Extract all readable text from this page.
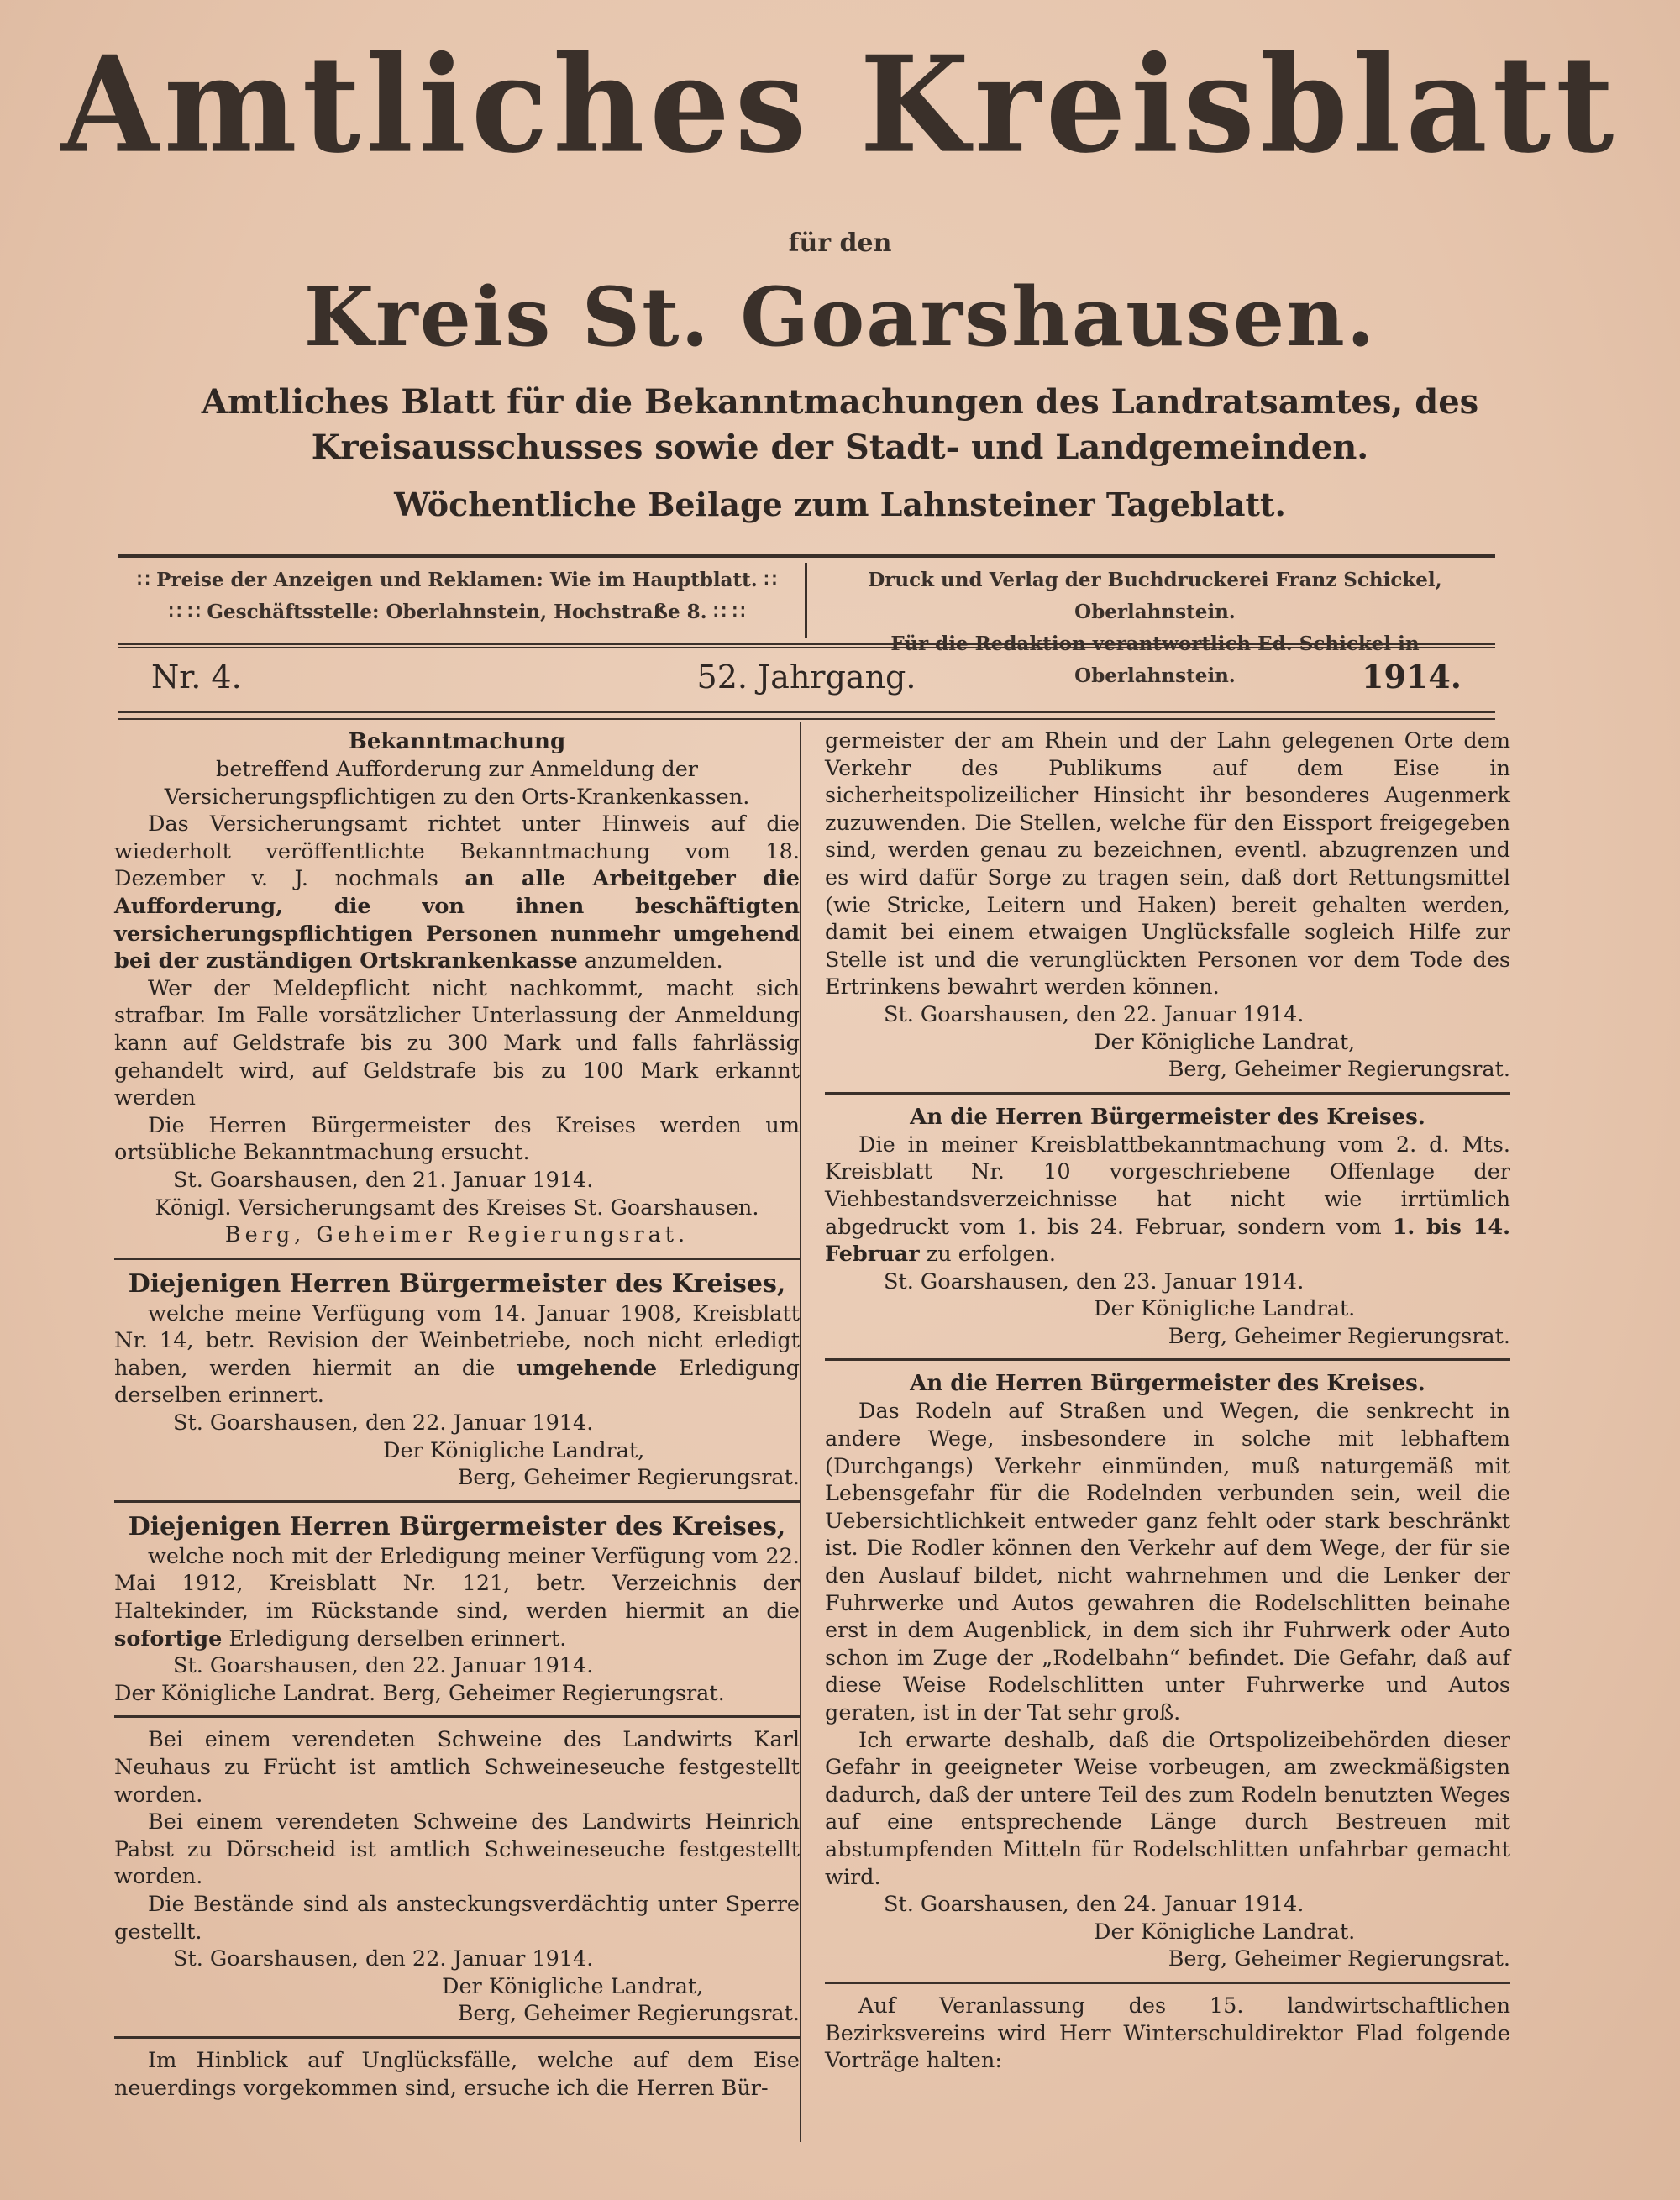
Amtliches Kreisblatt
für den
Kreis St. Goarshausen.
Amtliches Blatt für die Bekanntmachungen des Landratsamtes, des Kreisausschusses sowie der Stadt- und Landgemeinden.
Wöchentliche Beilage zum Lahnsteiner Tageblatt.
∷ Preise der Anzeigen und Reklamen: Wie im Hauptblatt. ∷
∷ ∷ Geschäftsstelle: Oberlahnstein, Hochstraße 8. ∷ ∷
Druck und Verlag der Buchdruckerei Franz Schickel, Oberlahnstein.
Für die Redaktion verantwortlich Ed. Schickel in Oberlahnstein.
52. Jahrgang.
Nr. 4.	1914.

Bekanntmachung

betreffend Aufforderung zur Anmeldung der Versicherungspflichtigen zu den Orts-Krankenkassen.

Das Versicherungsamt richtet unter Hinweis auf die wiederholt veröffentlichte Bekanntmachung vom 18. Dezember v. J. nochmals an alle Arbeitgeber die Aufforderung, die von ihnen beschäftigten versicherungspflichtigen Personen nunmehr umgehend bei der zuständigen Ortskrankenkasse anzumelden.

Wer der Meldepflicht nicht nachkommt, macht sich strafbar. Im Falle vorsätzlicher Unterlassung der Anmeldung kann auf Geldstrafe bis zu 300 Mark und falls fahrlässig gehandelt wird, auf Geldstrafe bis zu 100 Mark erkannt werden

Die Herren Bürgermeister des Kreises werden um ortsübliche Bekanntmachung ersucht.

St. Goarshausen, den 21. Januar 1914.

Königl. Versicherungsamt des Kreises St. Goarshausen.

Berg, Geheimer Regierungsrat.

Diejenigen Herren Bürgermeister des Kreises,

welche meine Verfügung vom 14. Januar 1908, Kreisblatt Nr. 14, betr. Revision der Weinbetriebe, noch nicht erledigt haben, werden hiermit an die umgehende Erledigung derselben erinnert.

St. Goarshausen, den 22. Januar 1914.

Der Königliche Landrat,

Berg, Geheimer Regierungsrat.

Diejenigen Herren Bürgermeister des Kreises,

welche noch mit der Erledigung meiner Verfügung vom 22. Mai 1912, Kreisblatt Nr. 121, betr. Verzeichnis der Haltekinder, im Rückstande sind, werden hiermit an die sofortige Erledigung derselben erinnert.

St. Goarshausen, den 22. Januar 1914.

Der Königliche Landrat. Berg, Geheimer Regierungsrat.

Bei einem verendeten Schweine des Landwirts Karl Neuhaus zu Frücht ist amtlich Schweineseuche festgestellt worden.

Bei einem verendeten Schweine des Landwirts Heinrich Pabst zu Dörscheid ist amtlich Schweineseuche festgestellt worden.

Die Bestände sind als ansteckungsverdächtig unter Sperre gestellt.

St. Goarshausen, den 22. Januar 1914.

Der Königliche Landrat,

Berg, Geheimer Regierungsrat.

Im Hinblick auf Unglücksfälle, welche auf dem Eise neuerdings vorgekommen sind, ersuche ich die Herren Bür-

germeister der am Rhein und der Lahn gelegenen Orte dem Verkehr des Publikums auf dem Eise in sicherheitspolizeilicher Hinsicht ihr besonderes Augenmerk zuzuwenden. Die Stellen, welche für den Eissport freigegeben sind, werden genau zu bezeichnen, eventl. abzugrenzen und es wird dafür Sorge zu tragen sein, daß dort Rettungsmittel (wie Stricke, Leitern und Haken) bereit gehalten werden, damit bei einem etwaigen Unglücksfalle sogleich Hilfe zur Stelle ist und die verunglückten Personen vor dem Tode des Ertrinkens bewahrt werden können.

St. Goarshausen, den 22. Januar 1914.

Der Königliche Landrat,

Berg, Geheimer Regierungsrat.

An die Herren Bürgermeister des Kreises.

Die in meiner Kreisblattbekanntmachung vom 2. d. Mts. Kreisblatt Nr. 10 vorgeschriebene Offenlage der Viehbestandsverzeichnisse hat nicht wie irrtümlich abgedruckt vom 1. bis 24. Februar, sondern vom 1. bis 14. Februar zu erfolgen.

St. Goarshausen, den 23. Januar 1914.

Der Königliche Landrat.

Berg, Geheimer Regierungsrat.

An die Herren Bürgermeister des Kreises.

Das Rodeln auf Straßen und Wegen, die senkrecht in andere Wege, insbesondere in solche mit lebhaftem (Durchgangs) Verkehr einmünden, muß naturgemäß mit Lebensgefahr für die Rodelnden verbunden sein, weil die Uebersichtlichkeit entweder ganz fehlt oder stark beschränkt ist. Die Rodler können den Verkehr auf dem Wege, der für sie den Auslauf bildet, nicht wahrnehmen und die Lenker der Fuhrwerke und Autos gewahren die Rodelschlitten beinahe erst in dem Augenblick, in dem sich ihr Fuhrwerk oder Auto schon im Zuge der „Rodelbahn“ befindet. Die Gefahr, daß auf diese Weise Rodelschlitten unter Fuhrwerke und Autos geraten, ist in der Tat sehr groß.

Ich erwarte deshalb, daß die Ortspolizeibehörden dieser Gefahr in geeigneter Weise vorbeugen, am zweckmäßigsten dadurch, daß der untere Teil des zum Rodeln benutzten Weges auf eine entsprechende Länge durch Bestreuen mit abstumpfenden Mitteln für Rodelschlitten unfahrbar gemacht wird.

St. Goarshausen, den 24. Januar 1914.

Der Königliche Landrat.

Berg, Geheimer Regierungsrat.

Auf Veranlassung des 15. landwirtschaftlichen Bezirksvereins wird Herr Winterschuldirektor Flad folgende Vorträge halten:
